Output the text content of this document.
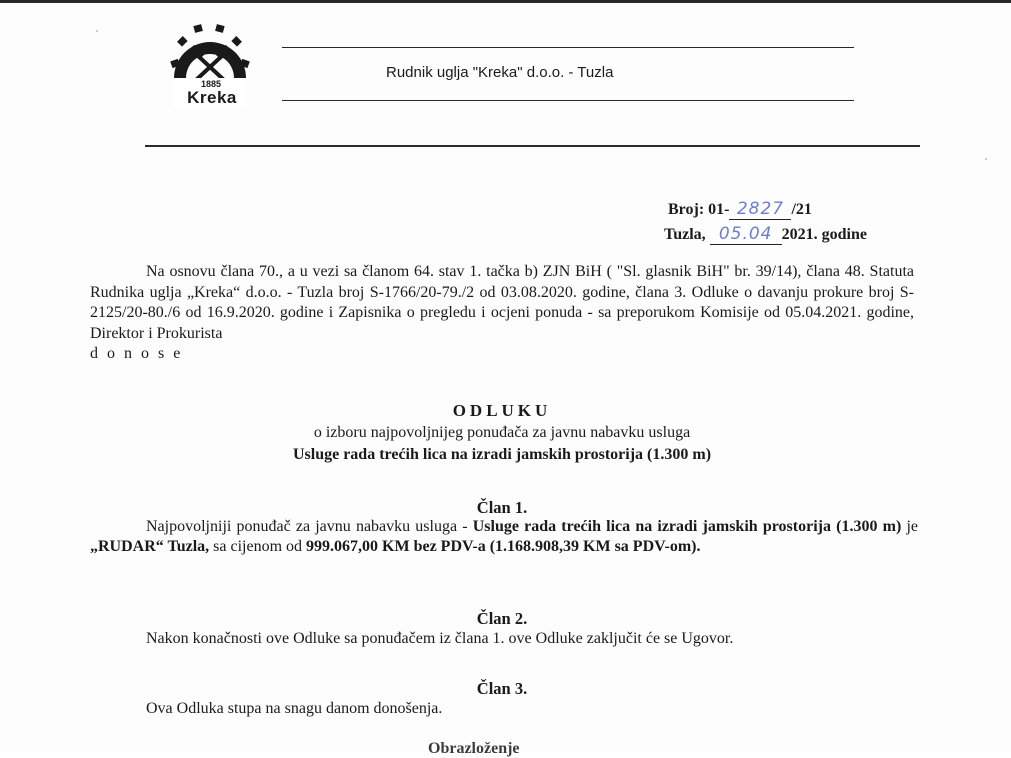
1885
Kreka
Rudnik uglja "Kreka" d.o.o. - Tuzla
Broj: 01- 2827 /21
Tuzla, 05.04 2021. godine
Na osnovu člana 70., a u vezi sa članom 64. stav 1. tačka b) ZJN BiH ( "Sl. glasnik BiH" br. 39/14), člana 48. Statuta Rudnika uglja „Kreka“ d.o.o. - Tuzla broj S-1766/20-79./2 od 03.08.2020. godine, člana 3. Odluke o davanju prokure broj S-2125/20-80./6 od 16.9.2020. godine i Zapisnika o pregledu i ocjeni ponuda - sa preporukom Komisije od 05.04.2021. godine, Direktor i Prokurista
donose
ODLUKU
o izboru najpovoljnijeg ponuđača za javnu nabavku usluga
Usluge rada trećih lica na izradi jamskih prostorija (1.300 m)
Član 1.
Najpovoljniji ponuđač za javnu nabavku usluga - Usluge rada trećih lica na izradi jamskih prostorija (1.300 m) je „RUDAR“ Tuzla, sa cijenom od 999.067,00 KM bez PDV-a (1.168.908,39 KM sa PDV-om).
Član 2.
Nakon konačnosti ove Odluke sa ponuđačem iz člana 1. ove Odluke zaključit će se Ugovor.
Član 3.
Ova Odluka stupa na snagu danom donošenja.
Obrazloženje
